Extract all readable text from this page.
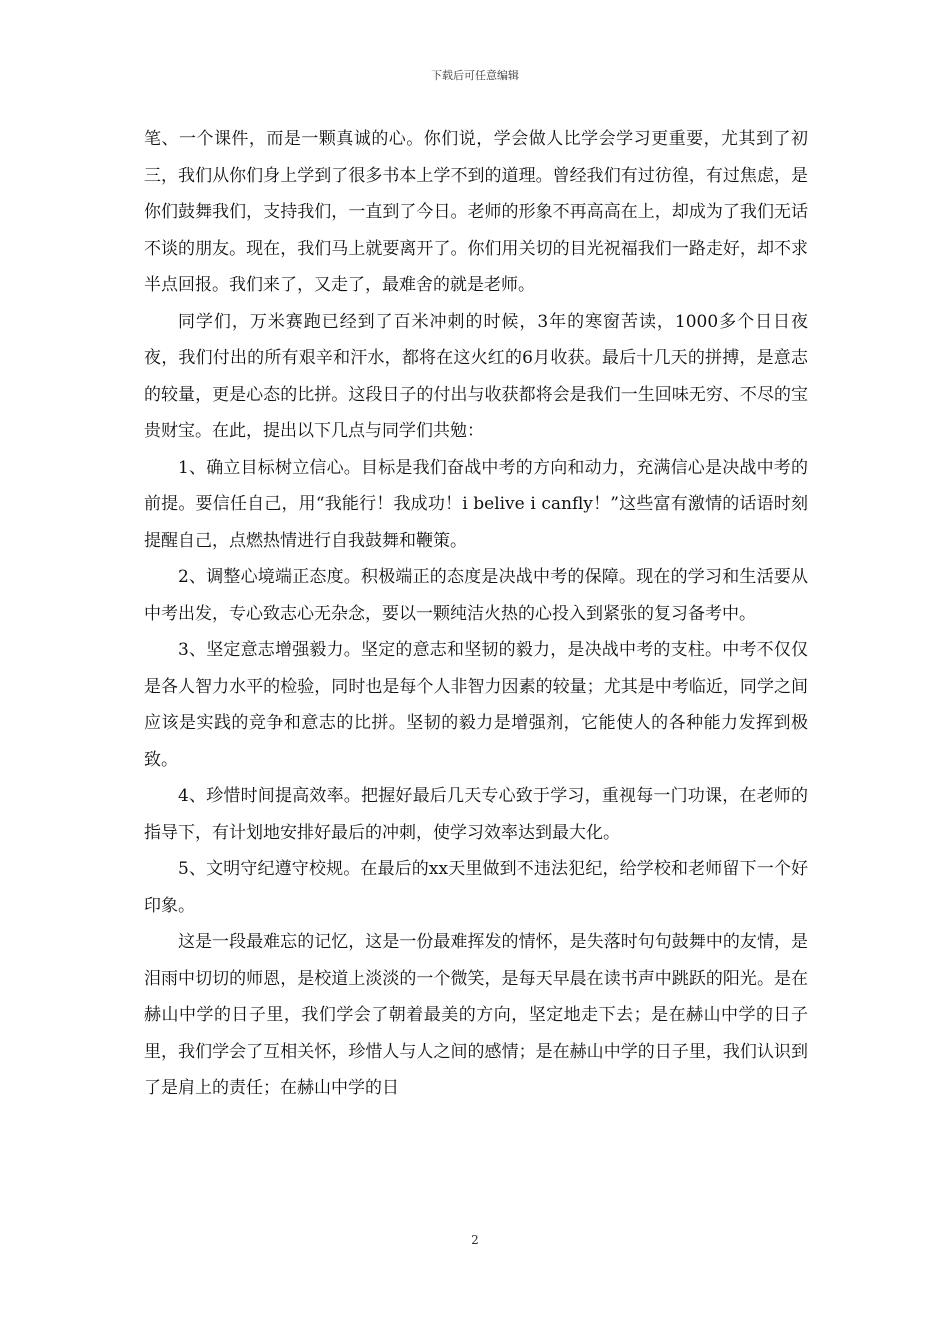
下载后可任意编辑

笔、一个课件，而是一颗真诚的心。你们说，学会做人比学会学习更重要，尤其到了初三，我们从你们身上学到了很多书本上学不到的道理。曾经我们有过彷徨，有过焦虑，是你们鼓舞我们，支持我们，一直到了今日。老师的形象不再高高在上，却成为了我们无话不谈的朋友。现在，我们马上就要离开了。你们用关切的目光祝福我们一路走好，却不求半点回报。我们来了，又走了，最难舍的就是老师。

同学们，万米赛跑已经到了百米冲刺的时候，3年的寒窗苦读，1000多个日日夜夜，我们付出的所有艰辛和汗水，都将在这火红的6月收获。最后十几天的拼搏，是意志的较量，更是心态的比拼。这段日子的付出与收获都将会是我们一生回味无穷、不尽的宝贵财宝。在此，提出以下几点与同学们共勉：

1、确立目标树立信心。目标是我们奋战中考的方向和动力，充满信心是决战中考的前提。要信任自己，用“我能行！我成功！i belive i canfly！”这些富有激情的话语时刻提醒自己，点燃热情进行自我鼓舞和鞭策。

2、调整心境端正态度。积极端正的态度是决战中考的保障。现在的学习和生活要从中考出发，专心致志心无杂念，要以一颗纯洁火热的心投入到紧张的复习备考中。

3、坚定意志增强毅力。坚定的意志和坚韧的毅力，是决战中考的支柱。中考不仅仅是各人智力水平的检验，同时也是每个人非智力因素的较量；尤其是中考临近，同学之间应该是实践的竞争和意志的比拼。坚韧的毅力是增强剂，它能使人的各种能力发挥到极致。

4、珍惜时间提高效率。把握好最后几天专心致于学习，重视每一门功课，在老师的指导下，有计划地安排好最后的冲刺，使学习效率达到最大化。

5、文明守纪遵守校规。在最后的xx天里做到不违法犯纪，给学校和老师留下一个好印象。

这是一段最难忘的记忆，这是一份最难挥发的情怀，是失落时句句鼓舞中的友情，是泪雨中切切的师恩，是校道上淡淡的一个微笑，是每天早晨在读书声中跳跃的阳光。是在赫山中学的日子里，我们学会了朝着最美的方向，坚定地走下去；是在赫山中学的日子里，我们学会了互相关怀，珍惜人与人之间的感情；是在赫山中学的日子里，我们认识到了是肩上的责任；在赫山中学的日

2
